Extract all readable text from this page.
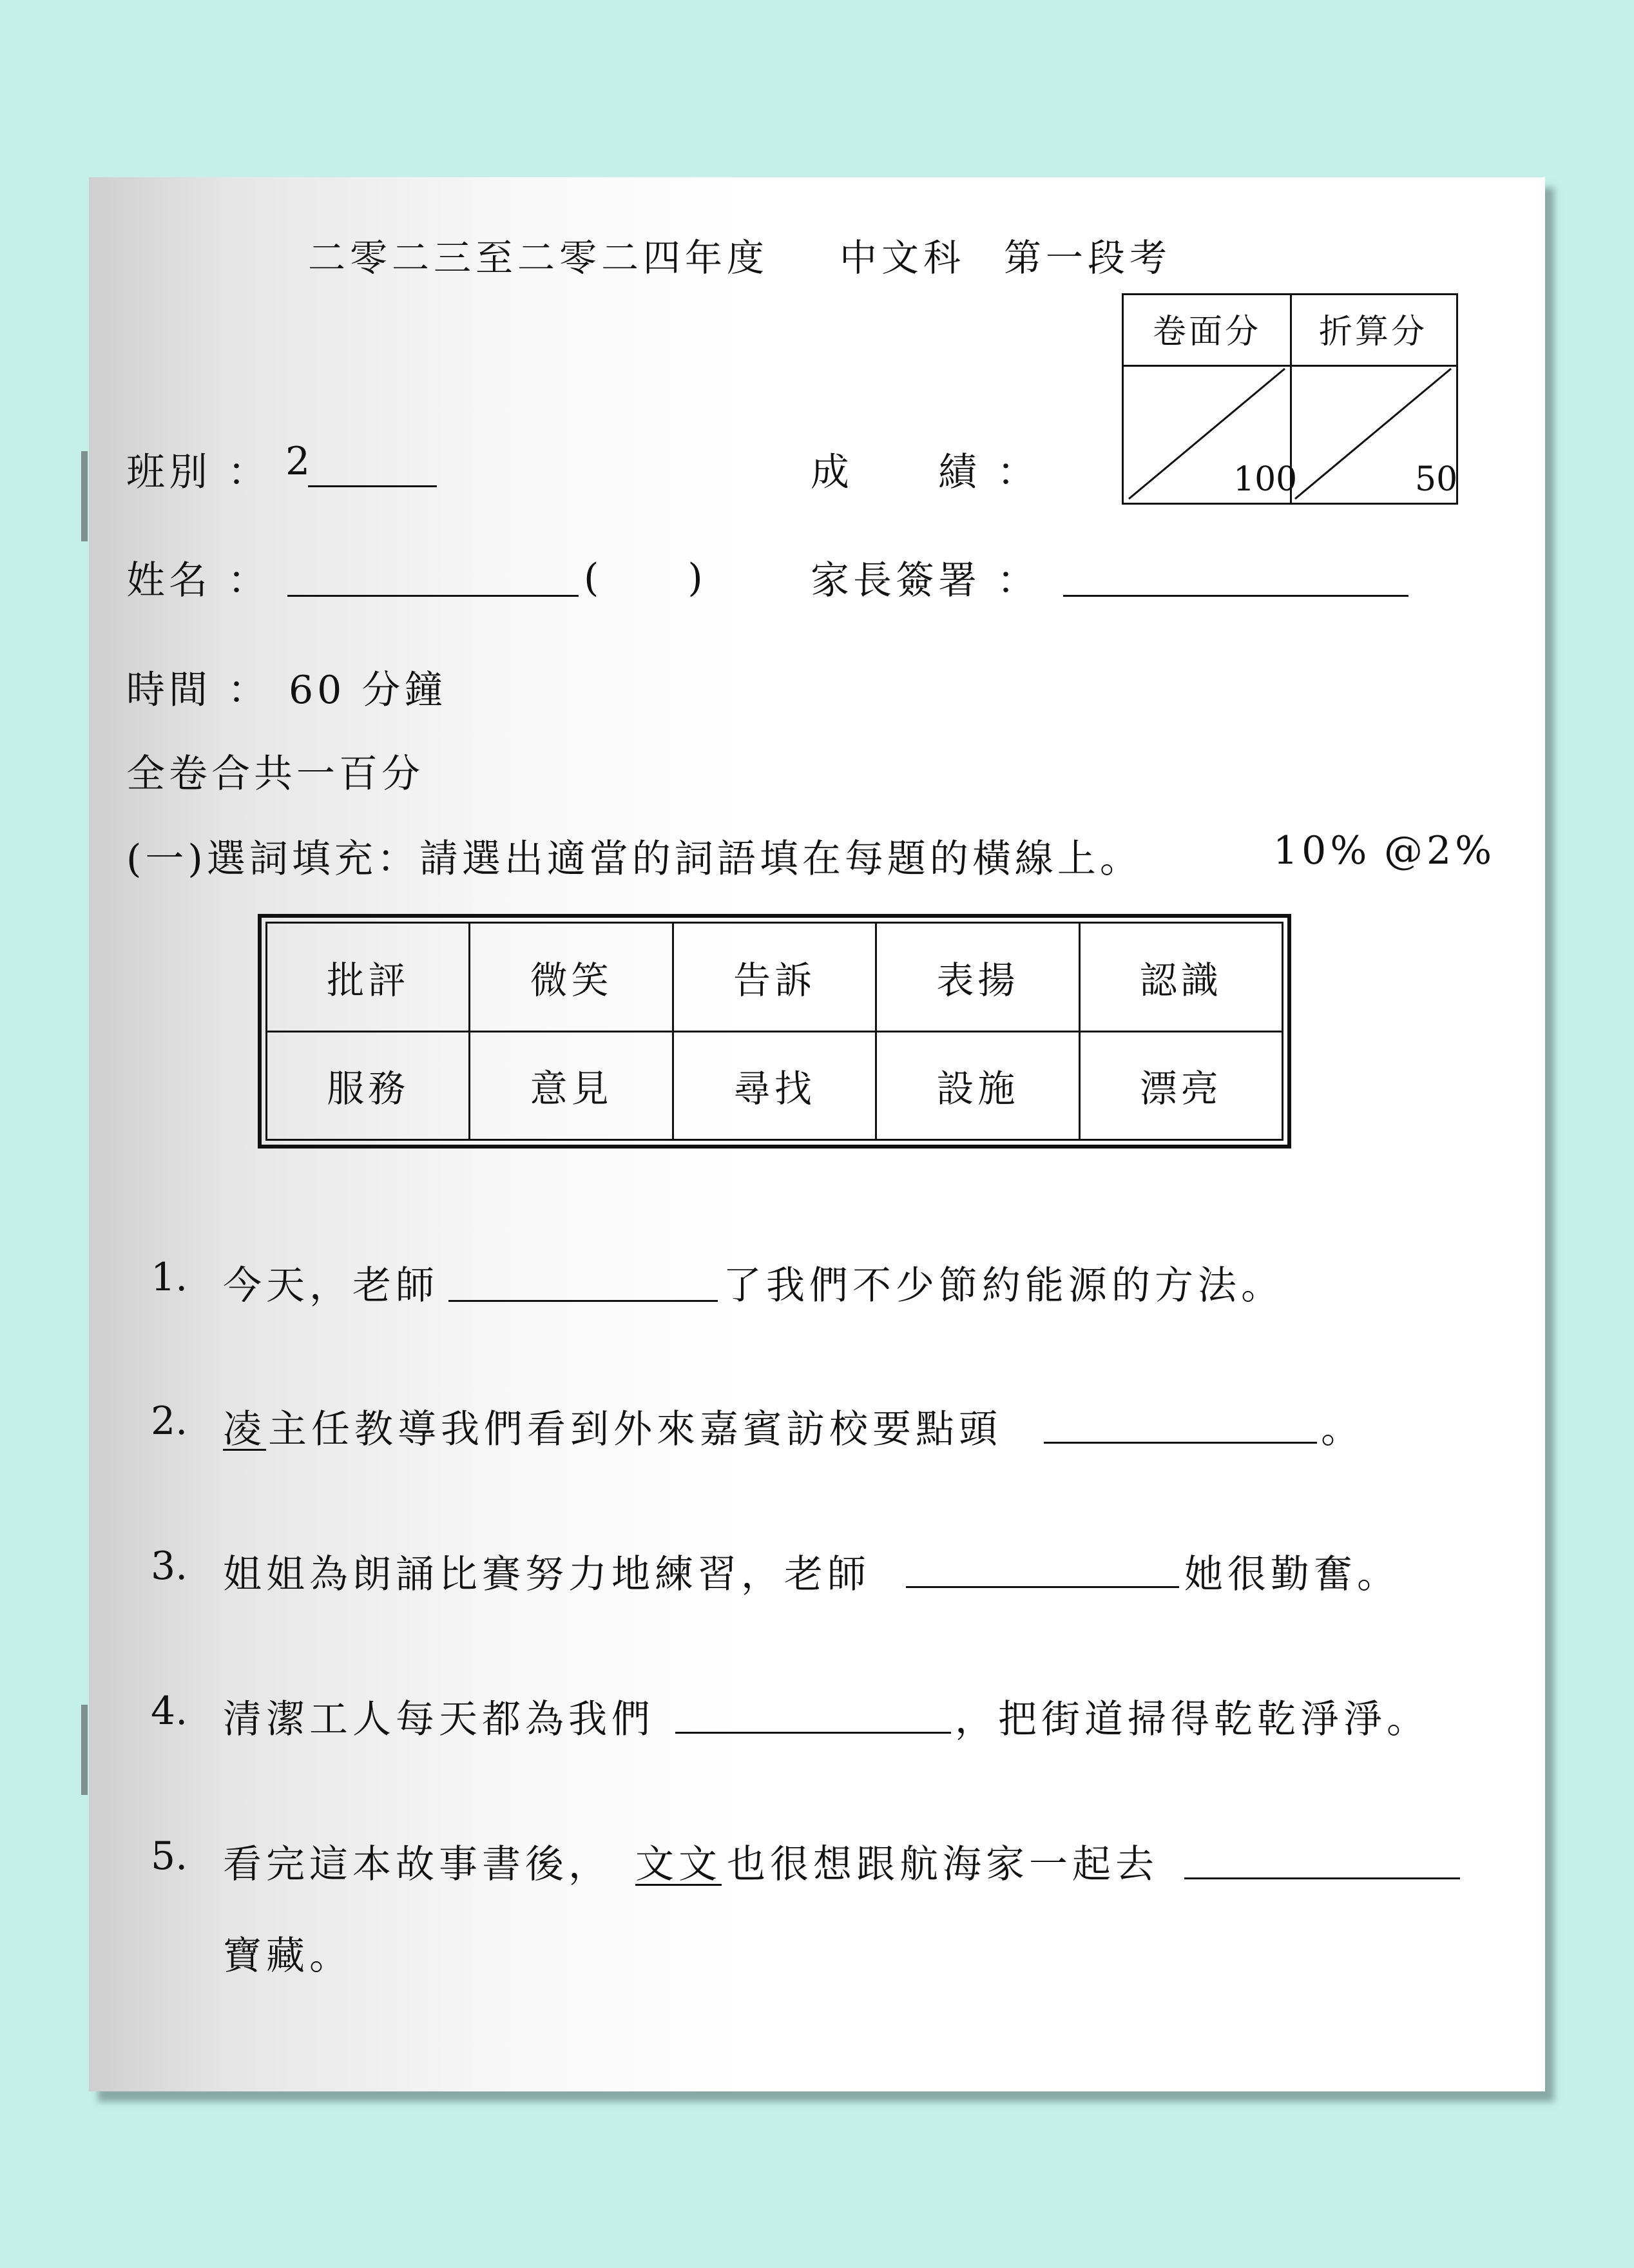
二零二三至二零二四年度 中文科 第一段考
卷面分	折算分
100	50
班別 ： 2	成　　績 ：
姓名 ：	(　　)	家長簽署 ：
時間 ： 60 分鐘
全卷合共一百分
(一)選詞填充：請選出適當的詞語填在每題的橫線上。	10% @2%
批評	微笑	告訴	表揚	認識
服務	意見	尋找	設施	漂亮
1. 今天，老師	了我們不少節約能源的方法。
2. 凌 主任教導我們看到外來嘉賓訪校要點頭	。
3. 姐姐為朗誦比賽努力地練習，老師	她很勤奮。
4. 清潔工人每天都為我們	，把街道掃得乾乾淨淨。
5. 看完這本故事書後， 文文 也很想跟航海家一起去
寶藏。
